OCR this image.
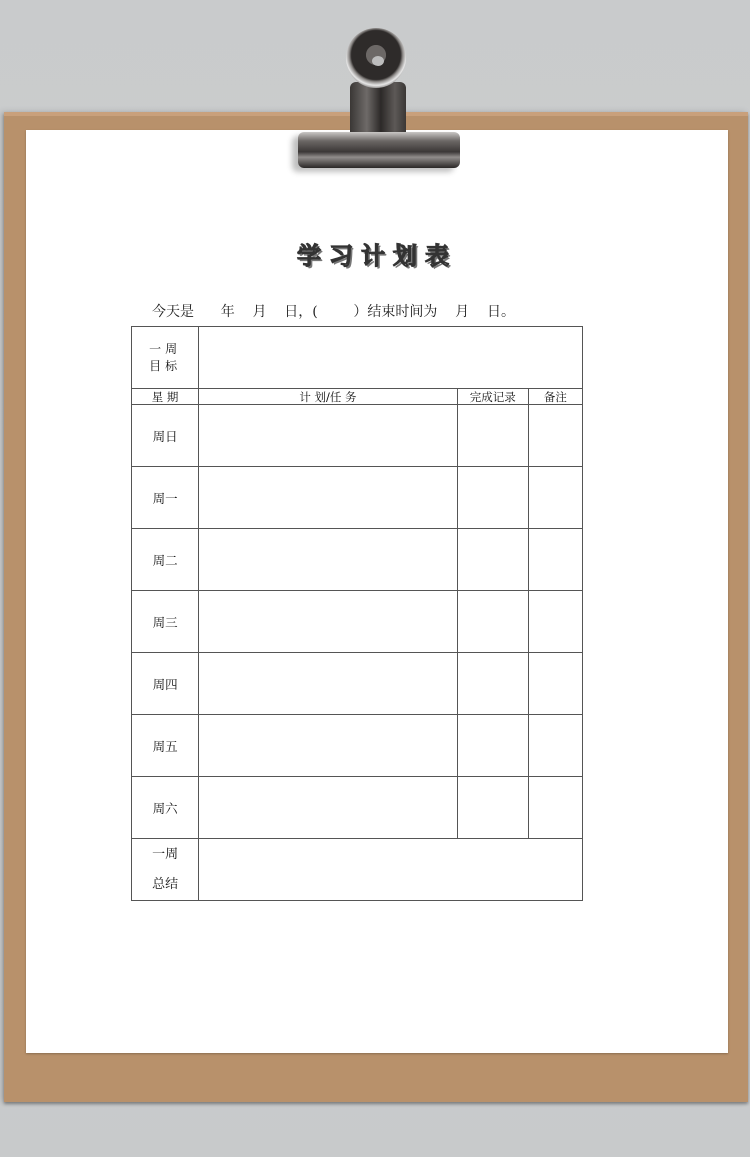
学习计划表
今天是      年    月    日，(        ）结束时间为    月    日。
一周
目标			

星 期	计 划/任 务	完成记录	备注
周日			
周一			
周二			
周三			
周四			
周五			
周六			

一周
总结			
